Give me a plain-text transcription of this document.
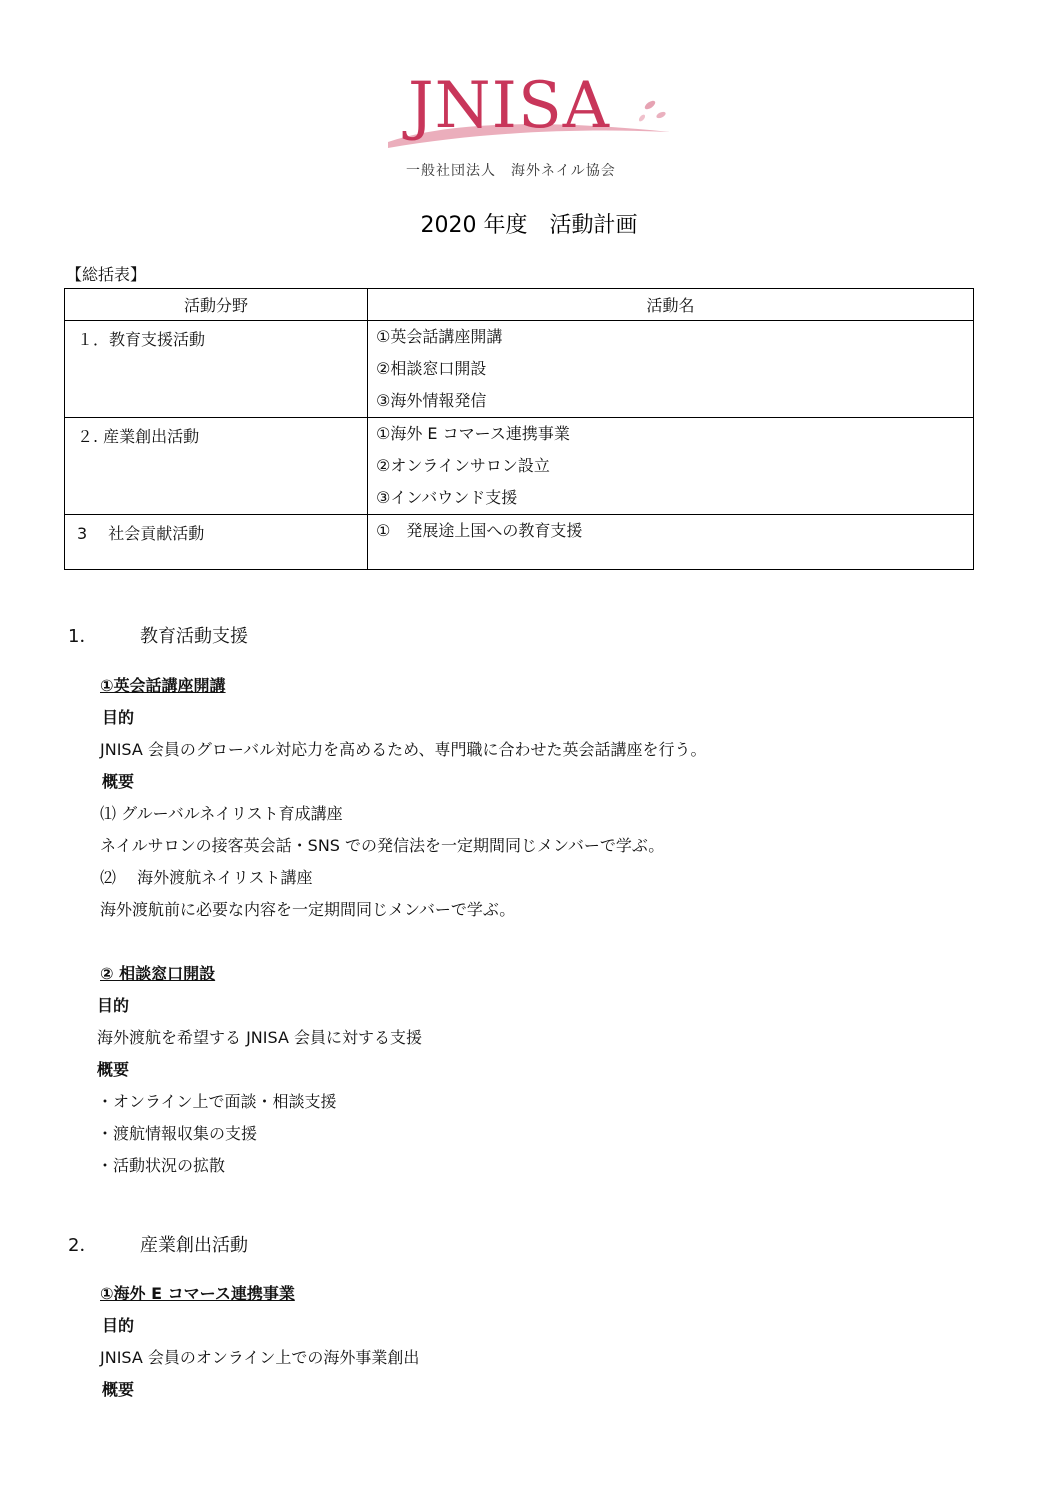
JNISA
一般社団法人　海外ネイル協会
2020 年度　活動計画
【総括表】
活動分野	活動名

１．教育支援活動	①英会話講座開講
②相談窓口開設
③海外情報発信

２. 産業創出活動	①海外 E コマース連携事業
②オンラインサロン設立
③インバウンド支援

3　 社会貢献活動	①　発展途上国への教育支援
1． 教育活動支援
①英会話講座開講
目的
JNISA 会員のグローバル対応力を高めるため、専門職に合わせた英会話講座を行う。
概要
⑴ グルーバルネイリスト育成講座
ネイルサロンの接客英会話・SNS での発信法を一定期間同じメンバーで学ぶ。
⑵　 海外渡航ネイリスト講座
海外渡航前に必要な内容を一定期間同じメンバーで学ぶ。
② 相談窓口開設
目的
海外渡航を希望する JNISA 会員に対する支援
概要
・オンライン上で面談・相談支援
・渡航情報収集の支援
・活動状況の拡散
2． 産業創出活動
①海外 E コマース連携事業
目的
JNISA 会員のオンライン上での海外事業創出
概要
